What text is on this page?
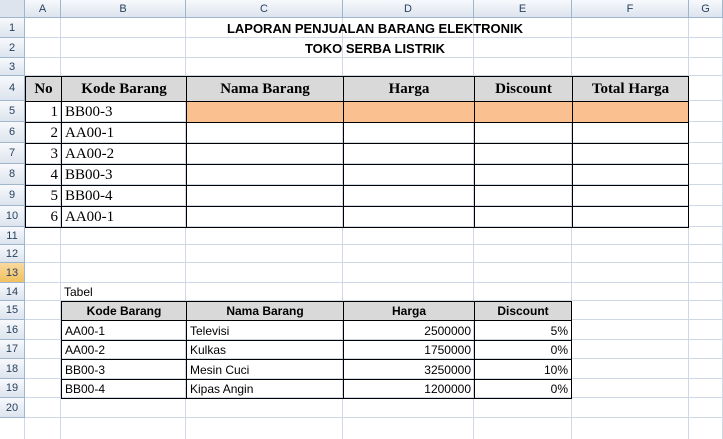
A	B	C	D	E	F	G
1
2
3
4
5
6
7
8
9
10
11
12
13
14
15
16
17
18
19
20
LAPORAN PENJUALAN BARANG ELEKTRONIK
TOKO SERBA LISTRIK
No	Kode Barang	Nama Barang	Harga	Discount	Total Harga
1 BB00-3
2 AA00-1
3 AA00-2
4 BB00-3
5 BB00-4
6 AA00-1
Tabel
Kode Barang	Nama Barang	Harga	Discount
AA00-1	Televisi	2500000	5%
AA00-2	Kulkas	1750000	0%
BB00-3	Mesin Cuci	3250000	10%
BB00-4	Kipas Angin	1200000	0%
